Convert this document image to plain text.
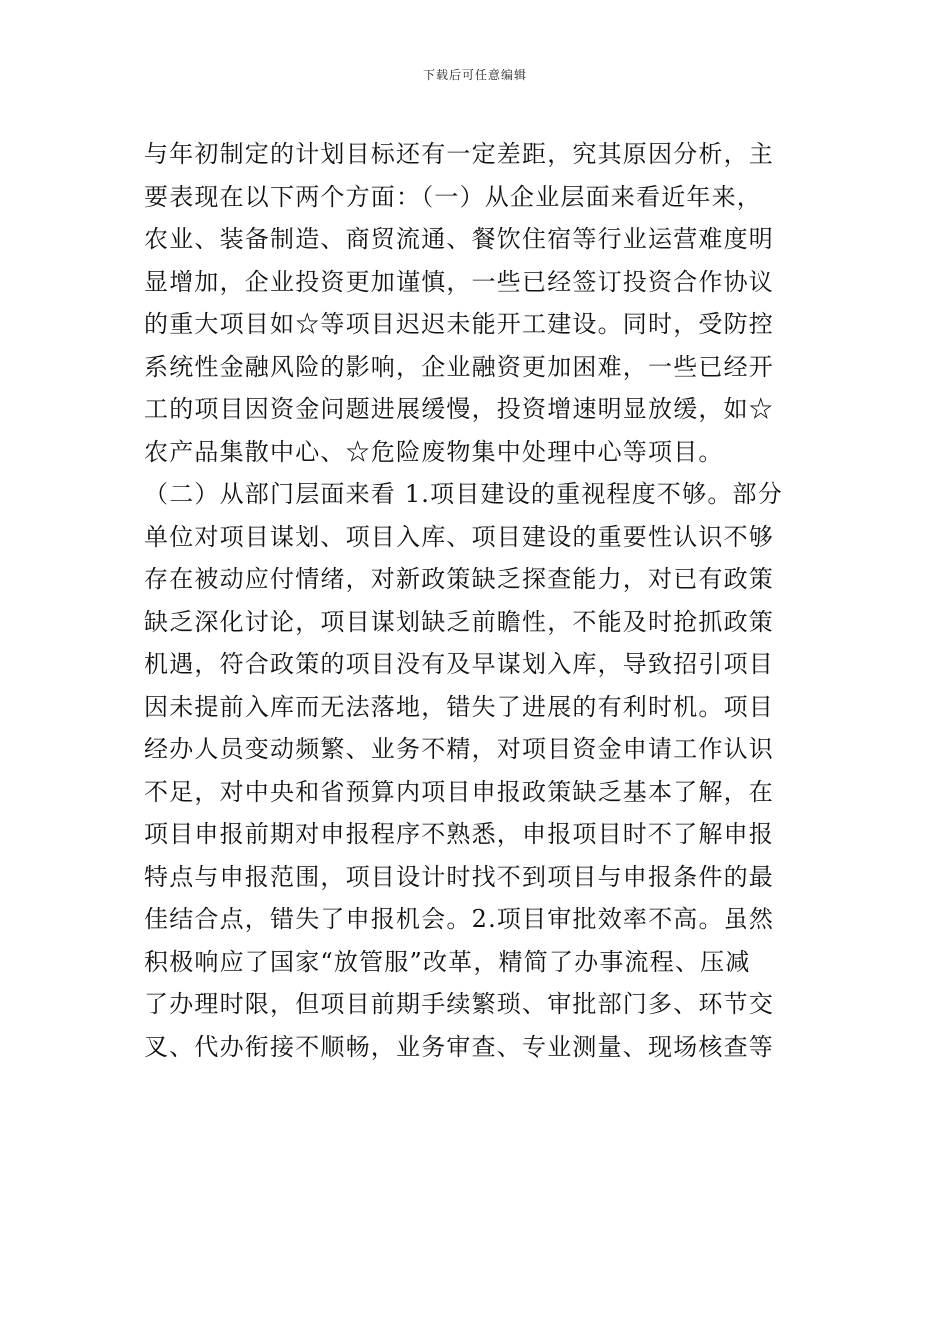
下载后可任意编辑
与年初制定的计划目标还有一定差距，究其原因分析，主
要表现在以下两个方面：（一）从企业层面来看近年来，
农业、装备制造、商贸流通、餐饮住宿等行业运营难度明
显增加，企业投资更加谨慎，一些已经签订投资合作协议
的重大项目如☆等项目迟迟未能开工建设。同时，受防控
系统性金融风险的影响，企业融资更加困难，一些已经开
工的项目因资金问题进展缓慢，投资增速明显放缓，如☆
农产品集散中心、☆危险废物集中处理中心等项目。
（二）从部门层面来看 1.项目建设的重视程度不够。部分
单位对项目谋划、项目入库、项目建设的重要性认识不够
存在被动应付情绪，对新政策缺乏探查能力，对已有政策
缺乏深化讨论，项目谋划缺乏前瞻性，不能及时抢抓政策
机遇，符合政策的项目没有及早谋划入库，导致招引项目
因未提前入库而无法落地，错失了进展的有利时机。项目
经办人员变动频繁、业务不精，对项目资金申请工作认识
不足，对中央和省预算内项目申报政策缺乏基本了解，在
项目申报前期对申报程序不熟悉，申报项目时不了解申报
特点与申报范围，项目设计时找不到项目与申报条件的最
佳结合点，错失了申报机会。2.项目审批效率不高。虽然
积极响应了国家“放管服”改革，精简了办事流程、压减
了办理时限，但项目前期手续繁琐、审批部门多、环节交
叉、代办衔接不顺畅，业务审查、专业测量、现场核查等
